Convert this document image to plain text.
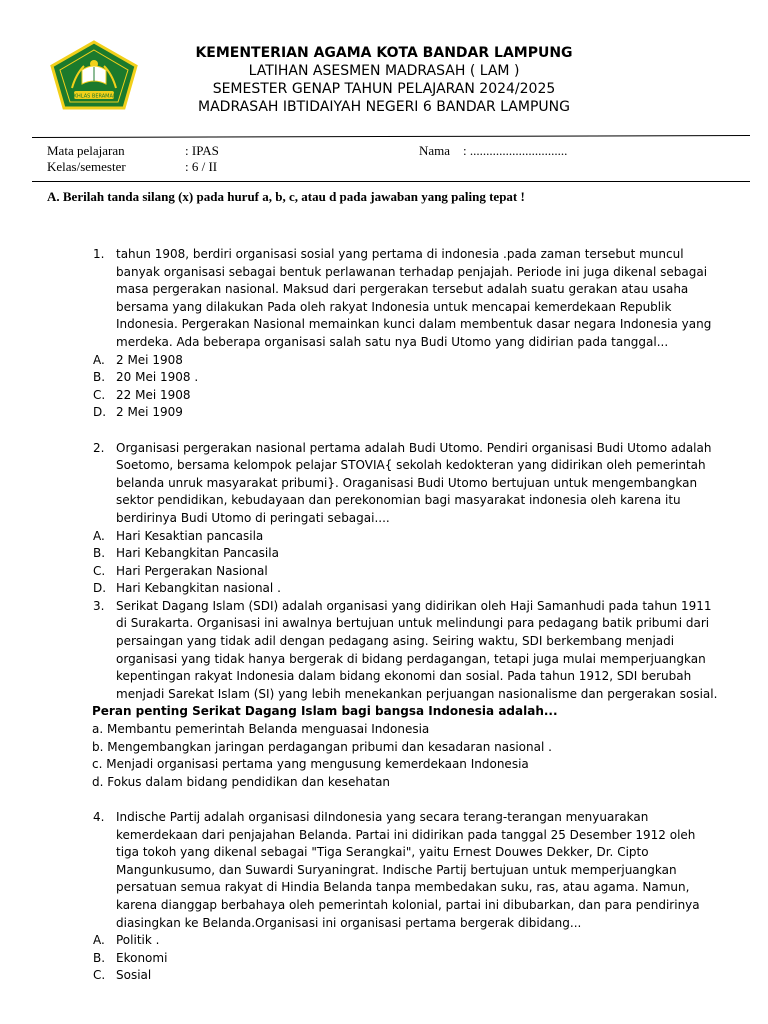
IKHLAS BERAMAL
KEMENTERIAN AGAMA KOTA BANDAR LAMPUNG
LATIHAN ASESMEN MADRASAH ( LAM )
SEMESTER GENAP TAHUN PELAJARAN 2024/2025
MADRASAH IBTIDAIYAH NEGERI 6 BANDAR LAMPUNG
Mata pelajaran	: IPAS	Nama : ..............................
Kelas/semester	: 6 / II
A. Berilah tanda silang (x) pada huruf a, b, c, atau d pada jawaban yang paling tepat !
1. tahun 1908, berdiri organisasi sosial yang pertama di indonesia .pada zaman tersebut muncul banyak organisasi sebagai bentuk perlawanan terhadap penjajah. Periode ini juga dikenal sebagai masa pergerakan nasional. Maksud dari pergerakan tersebut adalah suatu gerakan atau usaha bersama yang dilakukan Pada oleh rakyat Indonesia untuk mencapai kemerdekaan Republik Indonesia. Pergerakan Nasional memainkan kunci dalam membentuk dasar negara Indonesia yang merdeka. Ada beberapa organisasi salah satu nya Budi Utomo yang didirian pada tanggal...
A. 2 Mei 1908
B. 20 Mei 1908 .
C. 22 Mei 1908
D. 2 Mei 1909
2. Organisasi pergerakan nasional pertama adalah Budi Utomo. Pendiri organisasi Budi Utomo adalah Soetomo, bersama kelompok pelajar STOVIA{ sekolah kedokteran yang didirikan oleh pemerintah belanda unruk masyarakat pribumi}. Oraganisasi Budi Utomo bertujuan untuk mengembangkan sektor pendidikan, kebudayaan dan perekonomian bagi masyarakat indonesia oleh karena itu berdirinya Budi Utomo di peringati sebagai....
A. Hari Kesaktian pancasila
B. Hari Kebangkitan Pancasila
C. Hari Pergerakan Nasional
D. Hari Kebangkitan nasional .
3. Serikat Dagang Islam (SDI) adalah organisasi yang didirikan oleh Haji Samanhudi pada tahun 1911 di Surakarta. Organisasi ini awalnya bertujuan untuk melindungi para pedagang batik pribumi dari persaingan yang tidak adil dengan pedagang asing. Seiring waktu, SDI berkembang menjadi organisasi yang tidak hanya bergerak di bidang perdagangan, tetapi juga mulai memperjuangkan kepentingan rakyat Indonesia dalam bidang ekonomi dan sosial. Pada tahun 1912, SDI berubah menjadi Sarekat Islam (SI) yang lebih menekankan perjuangan nasionalisme dan pergerakan sosial.
Peran penting Serikat Dagang Islam bagi bangsa Indonesia adalah...
a. Membantu pemerintah Belanda menguasai Indonesia
b. Mengembangkan jaringan perdagangan pribumi dan kesadaran nasional .
c. Menjadi organisasi pertama yang mengusung kemerdekaan Indonesia
d. Fokus dalam bidang pendidikan dan kesehatan
4. Indische Partij adalah organisasi diIndonesia yang secara terang-terangan menyuarakan kemerdekaan dari penjajahan Belanda. Partai ini didirikan pada tanggal 25 Desember 1912 oleh tiga tokoh yang dikenal sebagai "Tiga Serangkai", yaitu Ernest Douwes Dekker, Dr. Cipto Mangunkusumo, dan Suwardi Suryaningrat. Indische Partij bertujuan untuk memperjuangkan persatuan semua rakyat di Hindia Belanda tanpa membedakan suku, ras, atau agama. Namun, karena dianggap berbahaya oleh pemerintah kolonial, partai ini dibubarkan, dan para pendirinya diasingkan ke Belanda.Organisasi ini organisasi pertama bergerak dibidang...
A. Politik .
B. Ekonomi
C. Sosial
